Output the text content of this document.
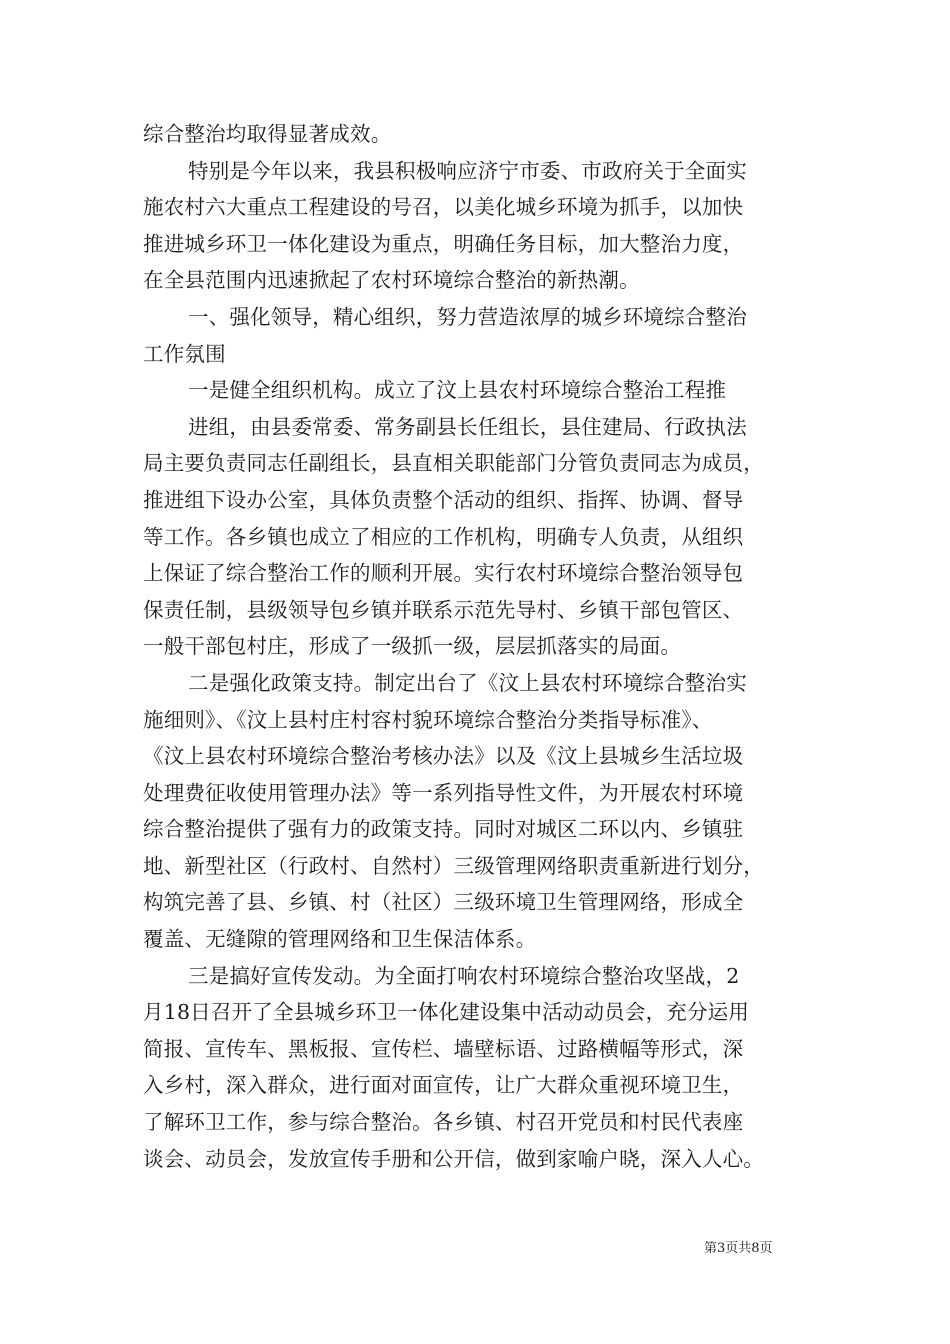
综合整治均取得显著成效。
特别是今年以来，我县积极响应济宁市委、市政府关于全面实
施农村六大重点工程建设的号召，以美化城乡环境为抓手，以加快
推进城乡环卫一体化建设为重点，明确任务目标，加大整治力度，
在全县范围内迅速掀起了农村环境综合整治的新热潮。
一、强化领导，精心组织，努力营造浓厚的城乡环境综合整治
工作氛围
一是健全组织机构。成立了汶上县农村环境综合整治工程推
进组，由县委常委、常务副县长任组长，县住建局、行政执法
局主要负责同志任副组长，县直相关职能部门分管负责同志为成员，
推进组下设办公室，具体负责整个活动的组织、指挥、协调、督导
等工作。各乡镇也成立了相应的工作机构，明确专人负责，从组织
上保证了综合整治工作的顺利开展。实行农村环境综合整治领导包
保责任制，县级领导包乡镇并联系示范先导村、乡镇干部包管区、
一般干部包村庄，形成了一级抓一级，层层抓落实的局面。
二是强化政策支持。制定出台了《汶上县农村环境综合整治实
施细则》、《汶上县村庄村容村貌环境综合整治分类指导标准》、
《汶上县农村环境综合整治考核办法》以及《汶上县城乡生活垃圾
处理费征收使用管理办法》等一系列指导性文件，为开展农村环境
综合整治提供了强有力的政策支持。同时对城区二环以内、乡镇驻
地、新型社区（行政村、自然村）三级管理网络职责重新进行划分，
构筑完善了县、乡镇、村（社区）三级环境卫生管理网络，形成全
覆盖、无缝隙的管理网络和卫生保洁体系。
三是搞好宣传发动。为全面打响农村环境综合整治攻坚战，2
月18日召开了全县城乡环卫一体化建设集中活动动员会，充分运用
简报、宣传车、黑板报、宣传栏、墙壁标语、过路横幅等形式，深
入乡村，深入群众，进行面对面宣传，让广大群众重视环境卫生，
了解环卫工作，参与综合整治。各乡镇、村召开党员和村民代表座
谈会、动员会，发放宣传手册和公开信，做到家喻户晓，深入人心。
第3页共8页
